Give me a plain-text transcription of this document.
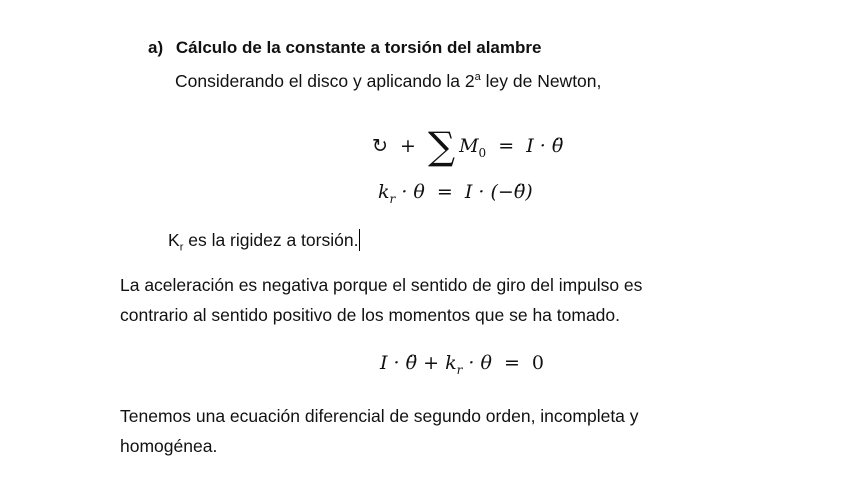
a) Cálculo de la constante a torsión del alambre
Considerando el disco y aplicando la 2$^a$ ley de Newton,
↻ + ∑ $M_0 = I$ · θ̈
$k_r \cdot \theta = I$ · (−θ̈)
$K_r$ es la rigidez a torsión.
La aceleración es negativa porque el sentido de giro del impulso es
contrario al sentido positivo de los momentos que se ha tomado.
I · θ̈ + $k_r \cdot \theta = 0$
Tenemos una ecuación diferencial de segundo orden, incompleta y
homogénea.
